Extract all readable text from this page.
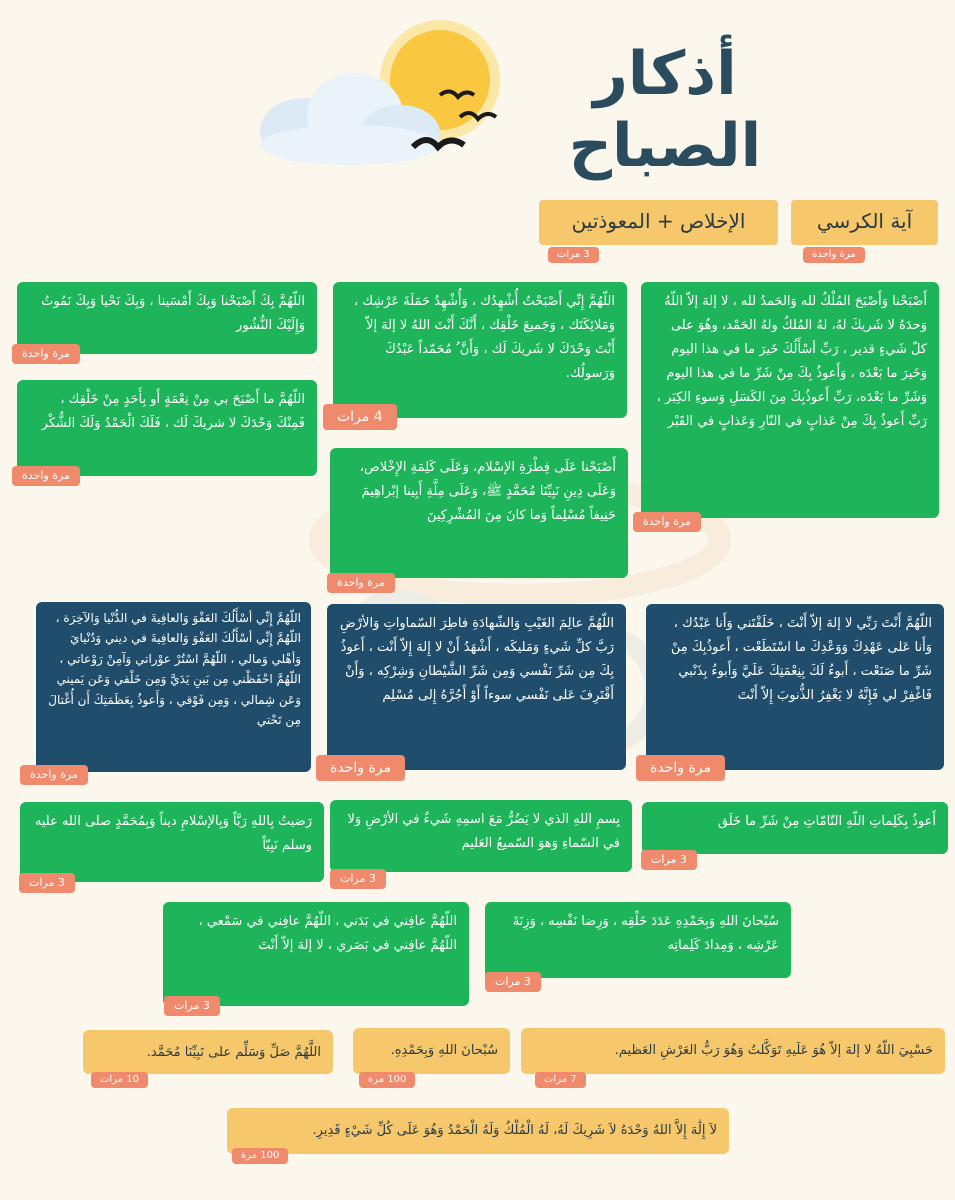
أذكار الصباح
آية الكرسي
مرة واحدة
الإخلاص + المعوذتين
3 مرات
أَصْبَحْنا وَأَصْبَحَ المُلْكُ لله وَالحَمدُ لله ، لا إلهَ إلاّ اللّهُ وَحدَهُ لا شَريكَ لهُ، لهُ المُلكُ ولهُ الحَمْد، وهُوَ على كلّ شَيءٍ قدير ، رَبِّ أسْأَلُكَ خَيرَ ما في هذا اليوم وَخَيرَ ما بَعْدَه ، وَأَعوذُ بِكَ مِنْ شَرِّ ما في هذا اليوم وَشَرِّ ما بَعْدَه، رَبِّ أَعوذُبِكَ مِنَ الكَسَلِ وَسوءِ الكِبَر ، رَبِّ أَعوذُ بِكَ مِنْ عَذابٍ في النّارِ وَعَذابٍ في القَبْر
مرة واحدة
اللّهُمَّ إِنِّي أَصْبَحْتُ أُشْهِدُك ، وَأُشْهِدُ حَمَلَةَ عَرْشِك ، وَمَلائِكَتَك ، وَجَميعَ خَلْقِك ، أَنَّكَ أَنْتَ اللهُ لا إلهَ إلاّ أَنْتَ وَحْدَكَ لا شَريكَ لَك ، وَأَنَّ ُ مُحَمّداً عَبْدُكَ وَرَسولُك.
4 مرات
اللّهُمَّ بِكَ أَصْبَحْنا وَبِكَ أَمْسَينا ، وَبِكَ نَحْيا وَبِكَ نَمُوتُ وَإِلَيْكَ النُّشُور
مرة واحدة
اللّهُمَّ ما أَصْبَحَ بي مِنْ نِعْمَةٍ أَو بِأَحَدٍ مِنْ خَلْقِك ، فَمِنْكَ وَحْدَكَ لا شريكَ لَك ، فَلَكَ الْحَمْدُ وَلَكَ الشُّكْر
مرة واحدة
أَصْبَحْنا عَلَى فِطْرَةِ الإسْلام، وَعَلَى كَلِمَةِ الإِخْلاص، وَعَلَى دِينِ نَبِيِّنَا مُحَمَّدٍ ﷺ، وَعَلَى مِلَّةِ أَبِينا إبْراهِيمَ حَنِيفاً مُسْلِماً وَما كانَ مِنَ المُشْرِكِينَ
مرة واحدة
اللّهُمَّ أَنْتَ رَبِّي لا إلهَ إلاّ أَنْتَ ، خَلَقْتَني وَأَنا عَبْدُك ، وَأَنا عَلى عَهْدِكَ وَوَعْدِكَ ما اسْتَطَعْت ، أَعوذُبِكَ مِنْ شَرِّ ما صَنَعْت ، أَبوءُ لَكَ بِنِعْمَتِكَ عَلَيَّ وَأَبوءُ بِذَنْبي فَاغْفِرْ لي فَإِنَّهُ لا يَغْفِرُ الذُّنوبَ إِلاّ أَنْتَ
مرة واحدة
اللّهُمَّ عالِمَ الغَيْبِ وَالشّهادَةِ فاطِرَ السّماواتِ وَالأرْضِ رَبَّ كلِّ شَيءٍ وَمَليكَه ، أَشْهَدُ أَنْ لا إِلهَ إِلاّ أَنْت ، أَعوذُ بِكَ مِن شَرِّ نَفْسي وَمِن شَرِّ الشَّيْطانِ وَشِرْكِه ، وَأَنْ أَقْتَرِفَ عَلى نَفْسي سوءاً أَوْ أَجُرَّهُ إِلى مُسْلِم
مرة واحدة
اللّهُمَّ إِنِّي أسْأَلُكَ العَفْوَ وَالعافِيةَ في الدُّنْيا وَالآخِرَة ، اللّهُمَّ إِنِّي أسْأَلُكَ العَفْوَ وَالعافِيةَ في ديني وَدُنْيايَ وَأهْلي وَمالي ، اللّهُمَّ اسْتُرْ عوْراتي وَآمِنْ رَوْعاتي ، اللّهُمَّ احْفَظْني مِن بَينِ يَدَيَّ وَمِن خَلْفي وَعَن يَميني وَعَن شِمالي ، وَمِن فَوْقي ، وَأَعوذُ بِعَظَمَتِكَ أَن أُغْتالَ مِن تَحْتي
مرة واحدة
أَعوذُ بِكَلِماتِ اللّهِ التّامّاتِ مِنْ شَرِّ ما خَلَق
3 مرات
بِسمِ اللهِ الذي لا يَضُرُّ مَعَ اسمِهِ شَيءٌ في الأرْضِ وَلا في السّماءِ وَهوَ السّميعُ العَليم
3 مرات
رَضيتُ بِاللهِ رَبَّاً وَبِالإسْلامِ ديناً وَبِمُحَمَّدٍ صلى الله عليه وسلم نَبِيّاً
3 مرات
سُبْحانَ اللهِ وَبِحَمْدِهِ عَدَدَ خَلْقِه ، وَرِضا نَفْسِه ، وَزِنَةَ عَرْشِه ، وَمِدادَ كَلِماتِه
3 مرات
اللّهُمَّ عافِني في بَدَني ، اللّهُمَّ عافِني في سَمْعي ، اللّهُمَّ عافِني في بَصَري ، لا إلهَ إلاّ أَنْتَ
3 مرات
حَسْبِيَ اللّهُ لا إلهَ إلاّ هُوَ عَلَيهِ تَوَكَّلتُ وَهُوَ رَبُّ العَرْشِ العَظيم.
7 مرات
سُبْحانَ اللهِ وَبِحَمْدِهِ.
100 مرة
اللَّهُمَّ صَلِّ وَسَلِّم على نَبِيِّنَا مُحَمَّد.
10 مرات
لاَ إِلَٰهَ إِلاَّ اللهُ وَحْدَهُ لاَ شَرِيكَ لَهُ، لَهُ الْمُلْكُ وَلَهُ الْحَمْدُ وَهُوَ عَلَى كُلِّ شَيْءٍ قَدِيرِ.
100 مرة
